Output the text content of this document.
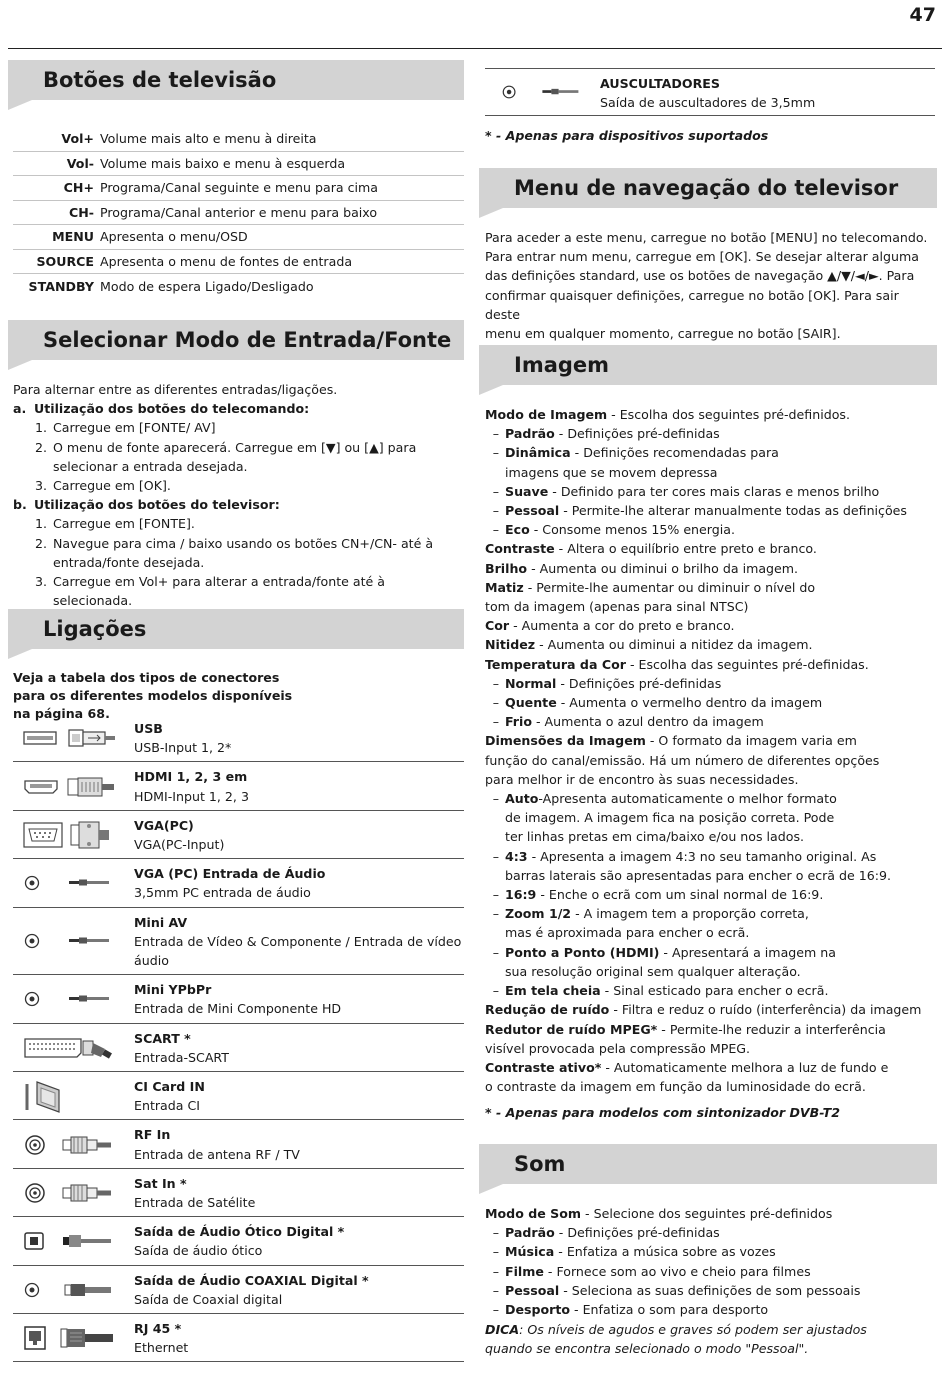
47
Botões de televisão
Vol+ Volume mais alto e menu à direita
Vol- Volume mais baixo e menu à esquerda
CH+ Programa/Canal seguinte e menu para cima
CH- Programa/Canal anterior e menu para baixo
MENU Apresenta o menu/OSD
SOURCE Apresenta o menu de fontes de entrada
STANDBY Modo de espera Ligado/Desligado
Selecionar Modo de Entrada/Fonte
Para alternar entre as diferentes entradas/ligações.
a. Utilização dos botões do telecomando:
1. Carregue em [FONTE/ AV]
2. O menu de fonte aparecerá. Carregue em [▼] ou [▲] para selecionar a entrada desejada.
3. Carregue em [OK].
b. Utilização dos botões do televisor:
1. Carregue em [FONTE].
2. Navegue para cima / baixo usando os botões CN+/CN- até à entrada/fonte desejada.
3. Carregue em Vol+ para alterar a entrada/fonte até à selecionada.
Ligações
Veja a tabela dos tipos de conectores para os diferentes modelos disponíveis na página 68.
USB
USB-Input 1, 2*
HDMI 1, 2, 3 em
HDMI-Input 1, 2, 3
VGA(PC)
VGA(PC-Input)
VGA (PC) Entrada de Áudio
3,5mm PC entrada de áudio
Mini AV
Entrada de Vídeo & Componente / Entrada de vídeo áudio
Mini YPbPr
Entrada de Mini Componente HD
SCART *
Entrada-SCART
CI Card IN
Entrada CI
RF In
Entrada de antena RF / TV
Sat In *
Entrada de Satélite
Saída de Áudio Ótico Digital *
Saída de áudio ótico
Saída de Áudio COAXIAL Digital *
Saída de Coaxial digital
RJ 45 *
Ethernet
AUSCULTADORES
Saída de auscultadores de 3,5mm
* - Apenas para dispositivos suportados
Menu de navegação do televisor
Para aceder a este menu, carregue no botão [MENU] no telecomando.
Para entrar num menu, carregue em [OK]. Se desejar alterar alguma
das definições standard, use os botões de navegação ▲/▼/◄/►. Para
confirmar quaisquer definições, carregue no botão [OK]. Para sair deste
menu em qualquer momento, carregue no botão [SAIR].
Imagem
Modo de Imagem - Escolha dos seguintes pré-definidos.
– Padrão - Definições pré-definidas
– Dinâmica - Definições recomendadas para
imagens que se movem depressa
– Suave - Definido para ter cores mais claras e menos brilho
– Pessoal - Permite-lhe alterar manualmente todas as definições
– Eco - Consome menos 15% energia.
Contraste - Altera o equilíbrio entre preto e branco.
Brilho - Aumenta ou diminui o brilho da imagem.
Matiz - Permite-lhe aumentar ou diminuir o nível do
tom da imagem (apenas para sinal NTSC)
Cor - Aumenta a cor do preto e branco.
Nitidez - Aumenta ou diminui a nitidez da imagem.
Temperatura da Cor - Escolha das seguintes pré-definidas.
– Normal - Definições pré-definidas
– Quente - Aumenta o vermelho dentro da imagem
– Frio - Aumenta o azul dentro da imagem
Dimensões da Imagem - O formato da imagem varia em
função do canal/emissão. Há um número de diferentes opções
para melhor ir de encontro às suas necessidades.
– Auto-Apresenta automaticamente o melhor formato
de imagem. A imagem fica na posição correta. Pode
ter linhas pretas em cima/baixo e/ou nos lados.
– 4:3 - Apresenta a imagem 4:3 no seu tamanho original. As
barras laterais são apresentadas para encher o ecrã de 16:9.
– 16:9 - Enche o ecrã com um sinal normal de 16:9.
– Zoom 1/2 - A imagem tem a proporção correta,
mas é aproximada para encher o ecrã.
– Ponto a Ponto (HDMI) - Apresentará a imagem na
sua resolução original sem qualquer alteração.
– Em tela cheia - Sinal esticado para encher o ecrã.
Redução de ruído - Filtra e reduz o ruído (interferência) da imagem
Redutor de ruído MPEG* - Permite-lhe reduzir a interferência
visível provocada pela compressão MPEG.
Contraste ativo* - Automaticamente melhora a luz de fundo e
o contraste da imagem em função da luminosidade do ecrã.
* - Apenas para modelos com sintonizador DVB-T2
Som
Modo de Som - Selecione dos seguintes pré-definidos
– Padrão - Definições pré-definidas
– Música - Enfatiza a música sobre as vozes
– Filme - Fornece som ao vivo e cheio para filmes
– Pessoal - Seleciona as suas definições de som pessoais
– Desporto - Enfatiza o som para desporto
DICA: Os níveis de agudos e graves só podem ser ajustados
quando se encontra selecionado o modo "Pessoal".
